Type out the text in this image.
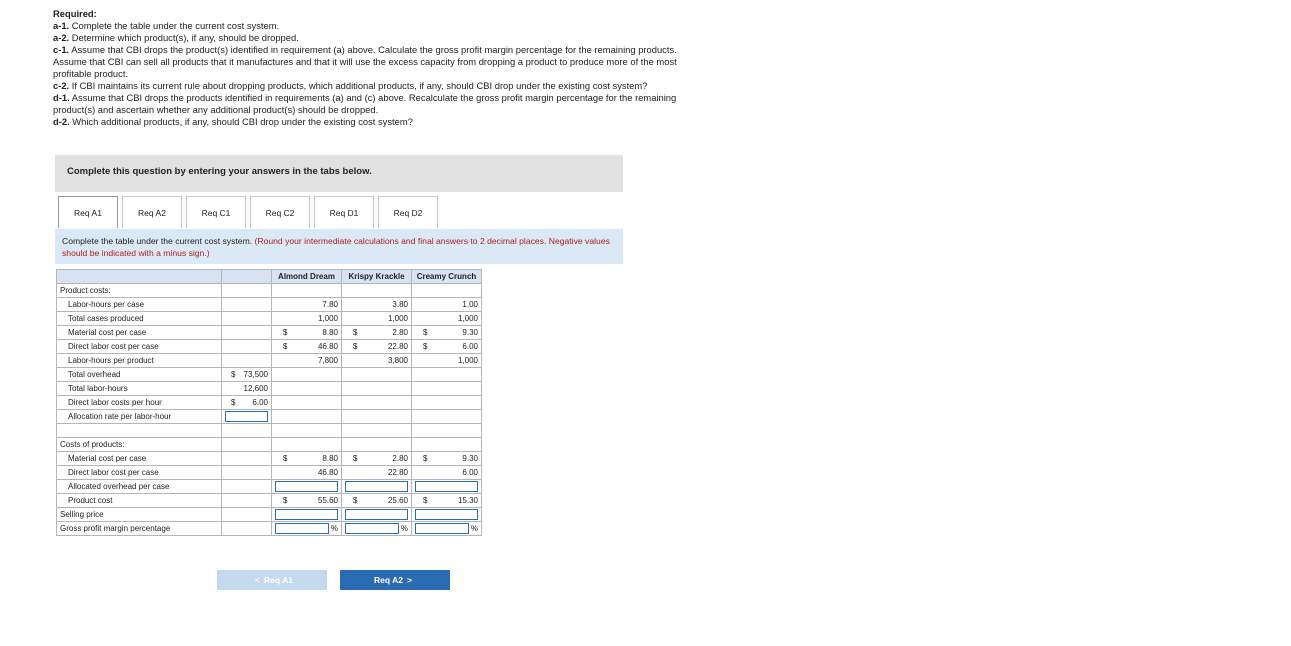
Required:
a-1. Complete the table under the current cost system.
a-2. Determine which product(s), if any, should be dropped.
c-1. Assume that CBI drops the product(s) identified in requirement (a) above. Calculate the gross profit margin percentage for the remaining products. Assume that CBI can sell all products that it manufactures and that it will use the excess capacity from dropping a product to produce more of the most profitable product.
c-2. If CBI maintains its current rule about dropping products, which additional products, if any, should CBI drop under the existing cost system?
d-1. Assume that CBI drops the products identified in requirements (a) and (c) above. Recalculate the gross profit margin percentage for the remaining product(s) and ascertain whether any additional product(s) should be dropped.
d-2. Which additional products, if any, should CBI drop under the existing cost system?
Complete this question by entering your answers in the tabs below.
Req A1	Req A2	Req C1	Req C2	Req D1	Req D2
Complete the table under the current cost system. (Round your intermediate calculations and final answers to 2 decimal places. Negative values should be indicated with a minus sign.)
		Almond Dream	Krispy Krackle	Creamy Crunch
Product costs:				
Labor-hours per case		7.80	3.80	1.00
Total cases produced		1,000	1,000	1,000
Material cost per case		$ 8.80	$ 2.80	$ 9.30

Direct labor cost per case		$ 46.80	$ 22.80	$ 6.00

Labor-hours per product		7,800	3,800	1,000
Total overhead	$ 73,500			

Total labor-hours	12,600			
Direct labor costs per hour	$ 6.00			

Allocation rate per labor-hour	

Costs of products:				
Material cost per case		$ 8.80	$ 2.80	$ 9.30

Direct labor cost per case		46.80	22.80	6.00
Allocated overhead per case		

Product cost		$ 55.60	$ 25.60	$ 15.30

Selling price		

Gross profit margin percentage		%	%	%
< Req A1	Req A2 >
